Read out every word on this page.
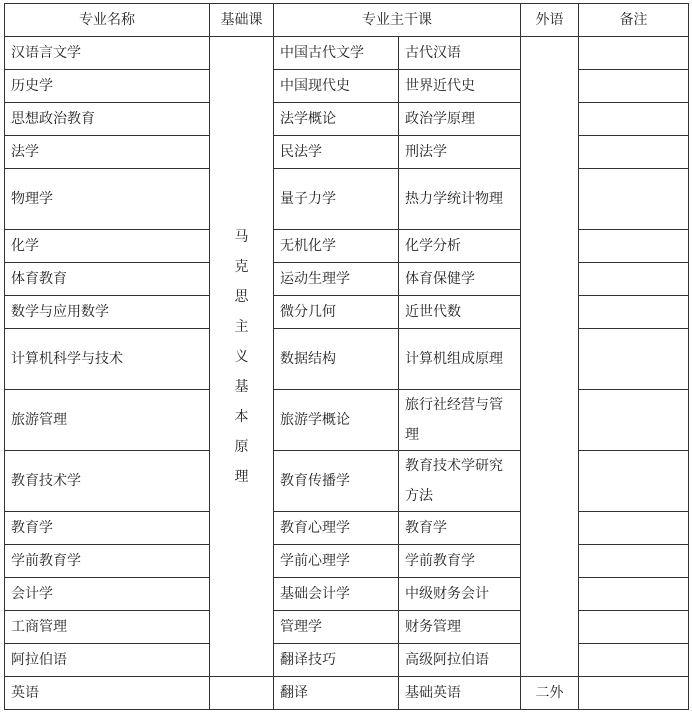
专业名称	基础课	专业主干课		外语	备注
汉语言文学	马克思主义基本原理	中国古代文学	古代汉语		
历史学		中国现代史	世界近代史		
思想政治教育		法学概论	政治学原理		
法学		民法学	刑法学		
物理学		量子力学	热力学统计物理		
化学		无机化学	化学分析		
体育教育		运动生理学	体育保健学		
数学与应用数学		微分几何	近世代数		
计算机科学与技术		数据结构	计算机组成原理		
旅游管理		旅游学概论	旅行社经营与管理		
教育技术学		教育传播学	教育技术学研究方法		
教育学		教育心理学	教育学		
学前教育学		学前心理学	学前教育学		
会计学		基础会计学	中级财务会计		
工商管理		管理学	财务管理		
阿拉伯语		翻译技巧	高级阿拉伯语		
英语		翻译	基础英语	二外	
